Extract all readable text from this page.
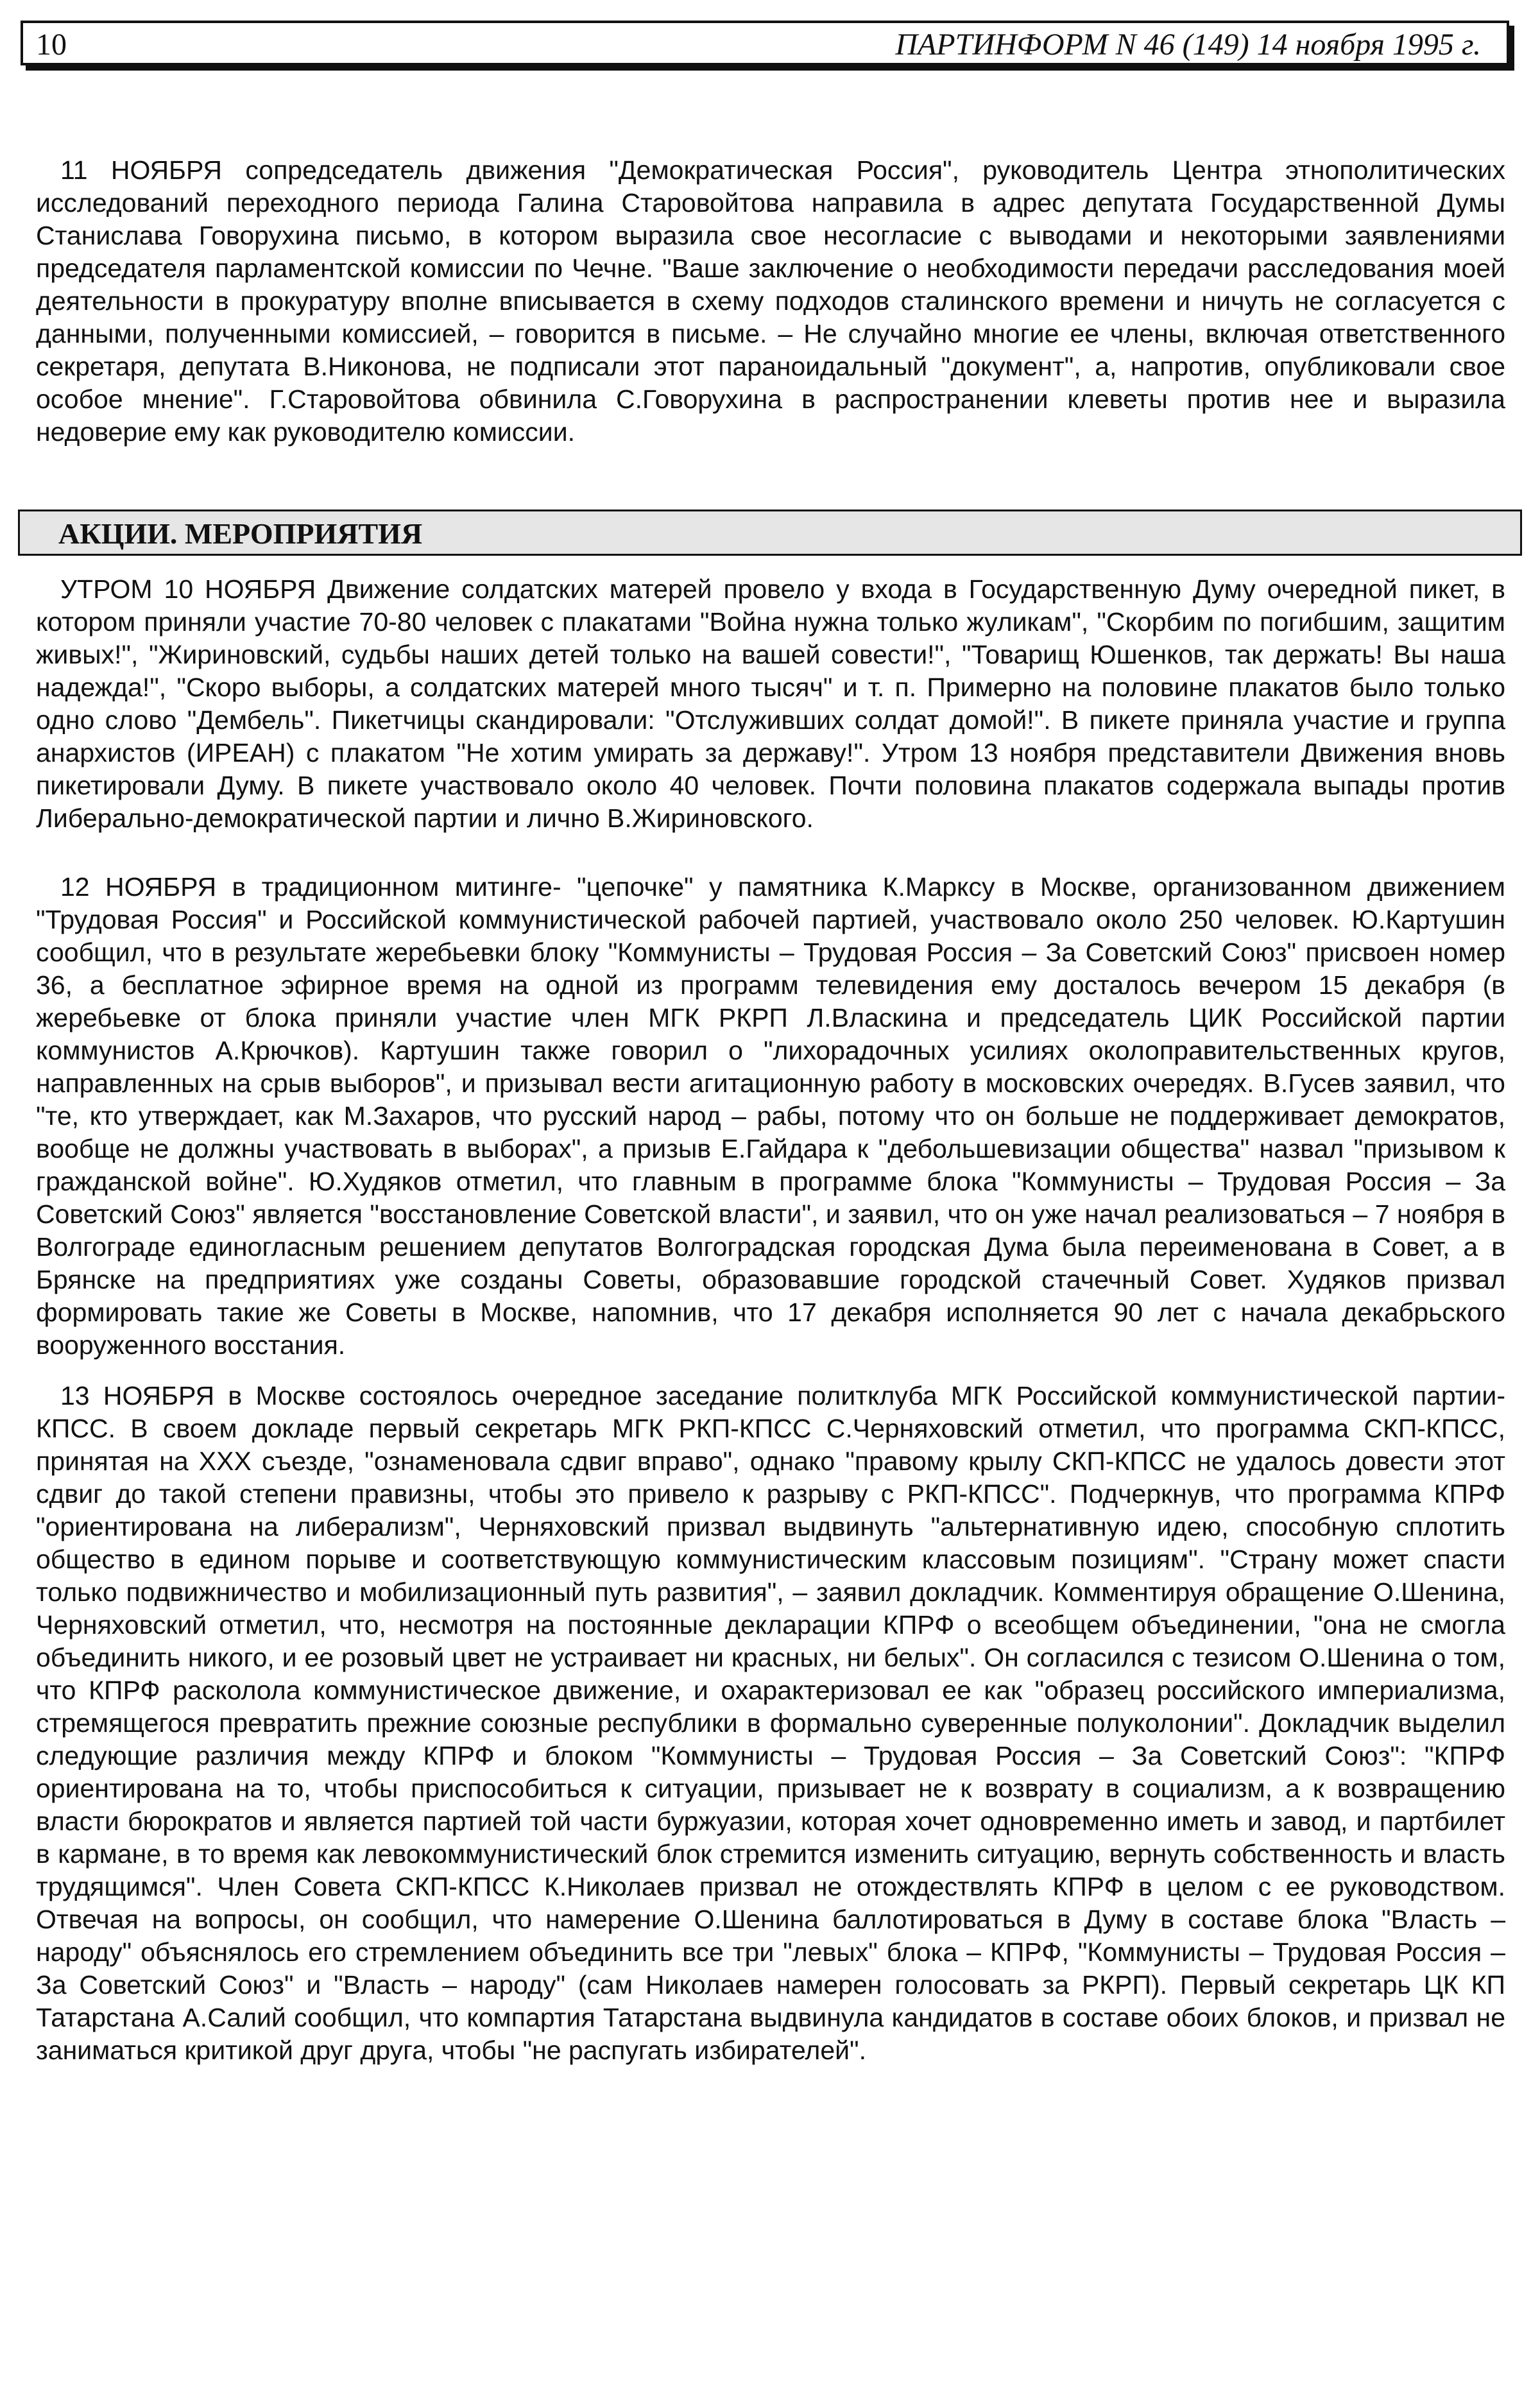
10	ПАРТИНФОРМ N 46 (149) 14 ноября 1995 г.

11 НОЯБРЯ сопредседатель движения "Демократическая Россия", руководитель Центра этнополитических исследований переходного периода Галина Старовойтова направила в адрес депутата Государственной Думы Станислава Говорухина письмо, в котором выразила свое несогласие с выводами и некоторыми заявлениями председателя парламентской комиссии по Чечне. "Ваше заключение о необходимости передачи расследования моей деятельности в прокуратуру вполне вписывается в схему подходов сталинского времени и ничуть не согласуется с данными, полученными комиссией, – говорится в письме. – Не случайно многие ее члены, включая ответственного секретаря, депутата В.Никонова, не подписали этот параноидальный "документ", а, напротив, опубликовали свое особое мнение". Г.Старовойтова обвинила С.Говорухина в распространении клеветы против нее и выразила недоверие ему как руководителю комиссии.

АКЦИИ. МЕРОПРИЯТИЯ

УТРОМ 10 НОЯБРЯ Движение солдатских матерей провело у входа в Государственную Думу очередной пикет, в котором приняли участие 70-80 человек с плакатами "Война нужна только жуликам", "Скорбим по погибшим, защитим живых!", "Жириновский, судьбы наших детей только на вашей совести!", "Товарищ Юшенков, так держать! Вы наша надежда!", "Скоро выборы, а солдатских матерей много тысяч" и т. п. Примерно на половине плакатов было только одно слово "Дембель". Пикетчицы скандировали: "Отслуживших солдат домой!". В пикете приняла участие и группа анархистов (ИРЕАН) с плакатом "Не хотим умирать за державу!". Утром 13 ноября представители Движения вновь пикетировали Думу. В пикете участвовало около 40 человек. Почти половина плакатов содержала выпады против Либерально-демократической партии и лично В.Жириновского.

12 НОЯБРЯ в традиционном митинге- "цепочке" у памятника К.Марксу в Москве, организованном движением "Трудовая Россия" и Российской коммунистической рабочей партией, участвовало около 250 человек. Ю.Картушин сообщил, что в результате жеребьевки блоку "Коммунисты – Трудовая Россия – За Советский Союз" присвоен номер 36, а бесплатное эфирное время на одной из программ телевидения ему досталось вечером 15 декабря (в жеребьевке от блока приняли участие член МГК РКРП Л.Власкина и председатель ЦИК Российской партии коммунистов А.Крючков). Картушин также говорил о "лихорадочных усилиях околоправительственных кругов, направленных на срыв выборов", и призывал вести агитационную работу в московских очередях. В.Гусев заявил, что "те, кто утверждает, как М.Захаров, что русский народ – рабы, потому что он больше не поддерживает демократов, вообще не должны участвовать в выборах", а призыв Е.Гайдара к "дебольшевизации общества" назвал "призывом к гражданской войне". Ю.Худяков отметил, что главным в программе блока "Коммунисты – Трудовая Россия – За Советский Союз" является "восстановление Советской власти", и заявил, что он уже начал реализоваться – 7 ноября в Волгограде единогласным решением депутатов Волгоградская городская Дума была переименована в Совет, а в Брянске на предприятиях уже созданы Советы, образовавшие городской стачечный Совет. Худяков призвал формировать такие же Советы в Москве, напомнив, что 17 декабря исполняется 90 лет с начала декабрьского вооруженного восстания.

13 НОЯБРЯ в Москве состоялось очередное заседание политклуба МГК Российской коммунистической партии-КПСС. В своем докладе первый секретарь МГК РКП-КПСС С.Черняховский отметил, что программа СКП-КПСС, принятая на XXX съезде, "ознаменовала сдвиг вправо", однако "правому крылу СКП-КПСС не удалось довести этот сдвиг до такой степени правизны, чтобы это привело к разрыву с РКП-КПСС". Подчеркнув, что программа КПРФ "ориентирована на либерализм", Черняховский призвал выдвинуть "альтернативную идею, способную сплотить общество в едином порыве и соответствующую коммунистическим классовым позициям". "Страну может спасти только подвижничество и мобилизационный путь развития", – заявил докладчик. Комментируя обращение О.Шенина, Черняховский отметил, что, несмотря на постоянные декларации КПРФ о всеобщем объединении, "она не смогла объединить никого, и ее розовый цвет не устраивает ни красных, ни белых". Он согласился с тезисом О.Шенина о том, что КПРФ расколола коммунистическое движение, и охарактеризовал ее как "образец российского империализма, стремящегося превратить прежние союзные республики в формально суверенные полуколонии". Докладчик выделил следующие различия между КПРФ и блоком "Коммунисты – Трудовая Россия – За Советский Союз": "КПРФ ориентирована на то, чтобы приспособиться к ситуации, призывает не к возврату в социализм, а к возвращению власти бюрократов и является партией той части буржуазии, которая хочет одновременно иметь и завод, и партбилет в кармане, в то время как левокоммунистический блок стремится изменить ситуацию, вернуть собственность и власть трудящимся". Член Совета СКП-КПСС К.Николаев призвал не отождествлять КПРФ в целом с ее руководством. Отвечая на вопросы, он сообщил, что намерение О.Шенина баллотироваться в Думу в составе блока "Власть – народу" объяснялось его стремлением объединить все три "левых" блока – КПРФ, "Коммунисты – Трудовая Россия – За Советский Союз" и "Власть – народу" (сам Николаев намерен голосовать за РКРП). Первый секретарь ЦК КП Татарстана А.Салий сообщил, что компартия Татарстана выдвинула кандидатов в составе обоих блоков, и призвал не заниматься критикой друг друга, чтобы "не распугать избирателей".
